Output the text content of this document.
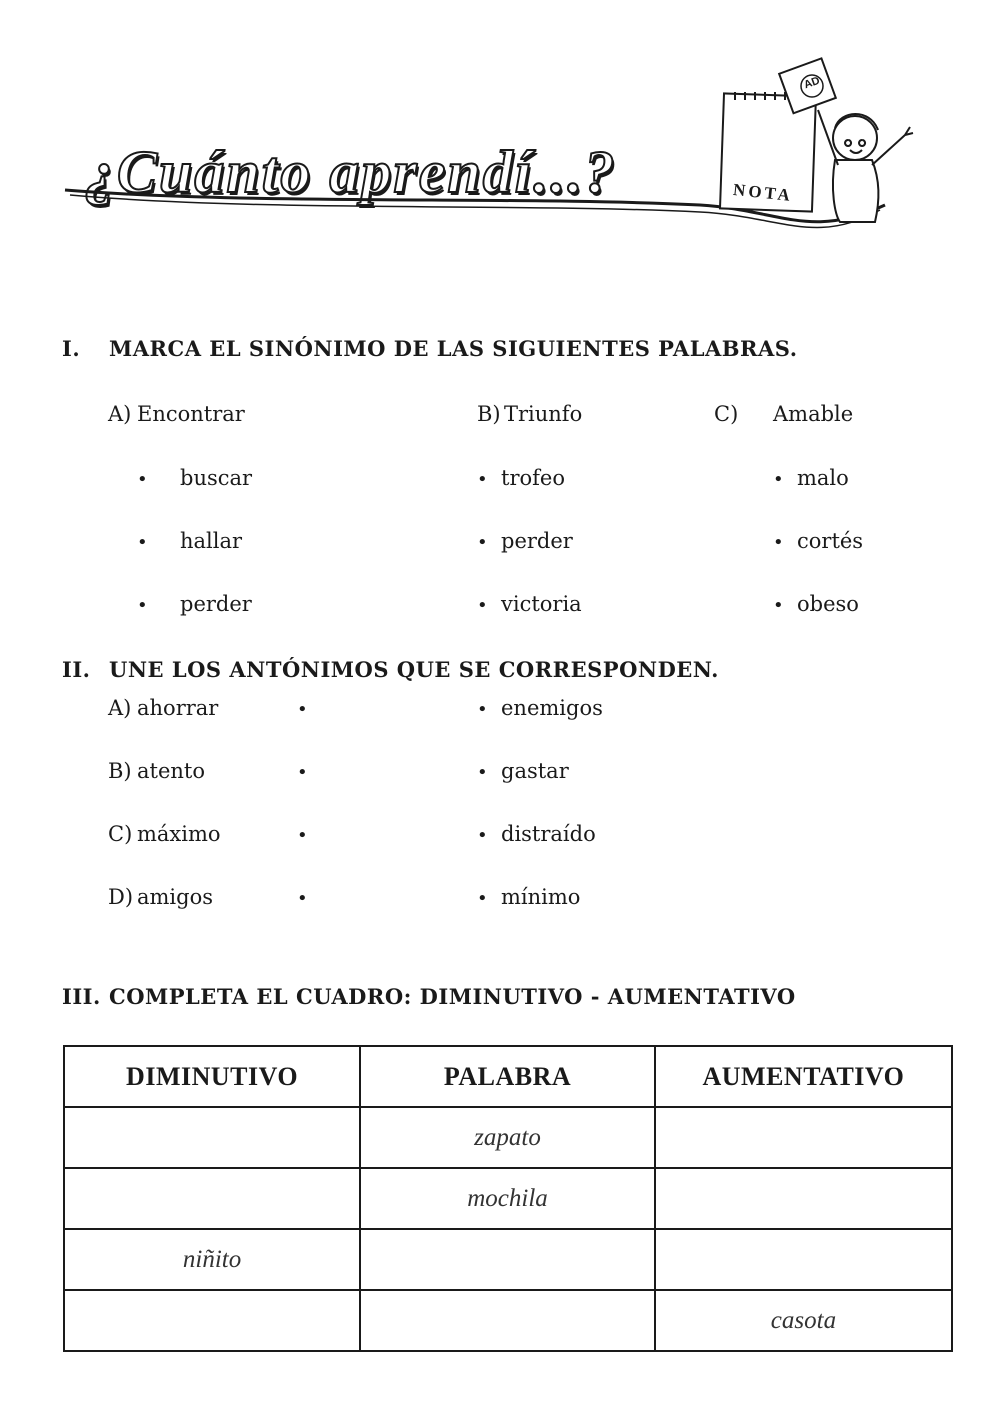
¿Cuánto aprendí...?	NOTA
AD
I. MARCA EL SINÓNIMO DE LAS SIGUIENTES PALABRAS.
A) Encontrar
• buscar
• hallar
• perder
B) Triunfo
• trofeo
• perder
• victoria
C) Amable
• malo
• cortés
• obeso
II. UNE LOS ANTÓNIMOS QUE SE CORRESPONDEN.
A) ahorrar	•	• enemigos
B) atento	•	• gastar
C) máximo	•	• distraído
D) amigos	•	• mínimo
III. COMPLETA EL CUADRO: DIMINUTIVO - AUMENTATIVO
DIMINUTIVO	PALABRA	AUMENTATIVO
	zapato	
	mochila	
niñito		
		casota
